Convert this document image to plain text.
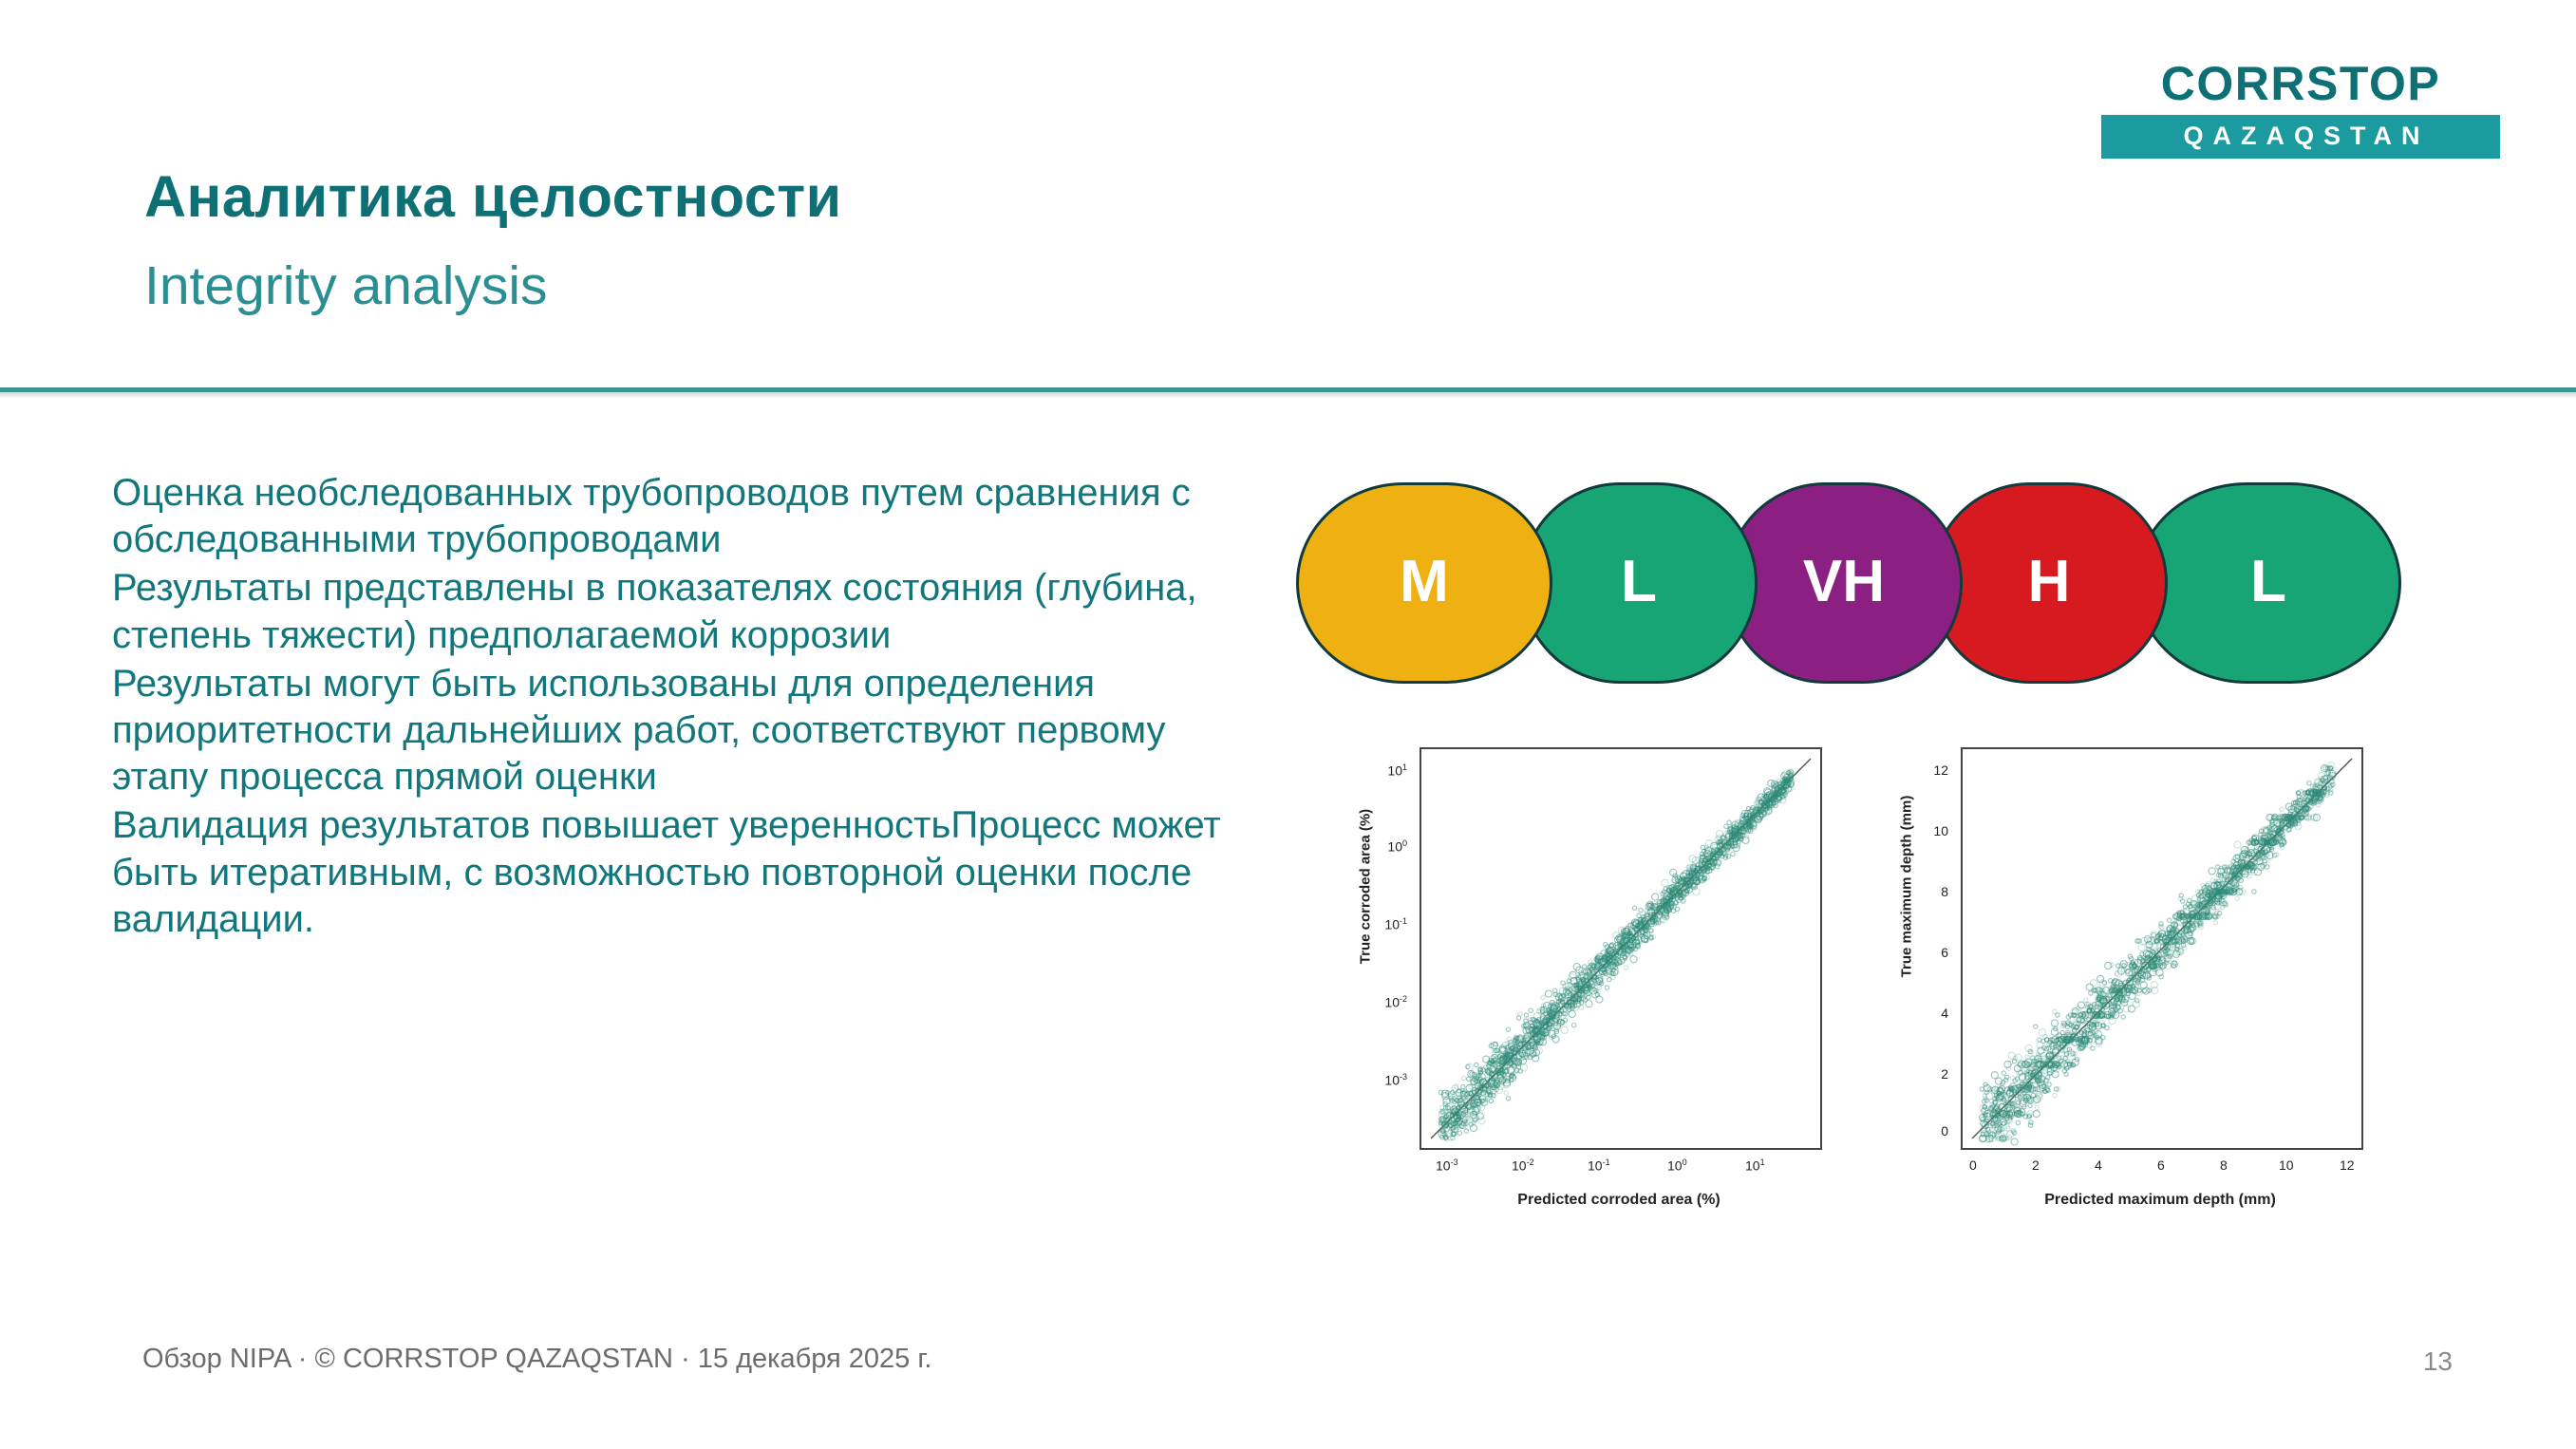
Аналитика целостности
Integrity analysis
CORRSTOP
QAZAQSTAN

Оценка необследованных трубопроводов путем сравнения с обследованными трубопроводами

Результаты представлены в показателях состояния (глубина, степень тяжести) предполагаемой коррозии

Результаты могут быть использованы для определения приоритетности дальнейших работ, соответствуют первому этапу процесса прямой оценки

Валидация результатов повышает уверенностьПроцесс может быть итеративным, с возможностью повторной оценки после валидации.

M	L VH H	L
True corroded area (%)
Predicted corroded area (%)
$10^1$
$10^0$
$10^{-1}$
$10^{-2}$
$10^{-3}$
$10^{-3}$	$10^{-2}$	$10^{-1}$	$10^0$	$10^1$
True maximum depth (mm)
Predicted maximum depth (mm)
12
10
8
6
4
2
0
0	2	4	6	8	10	12
Обзор NIPA · © CORRSTOP QAZAQSTAN · 15 декабря 2025 г.	13
